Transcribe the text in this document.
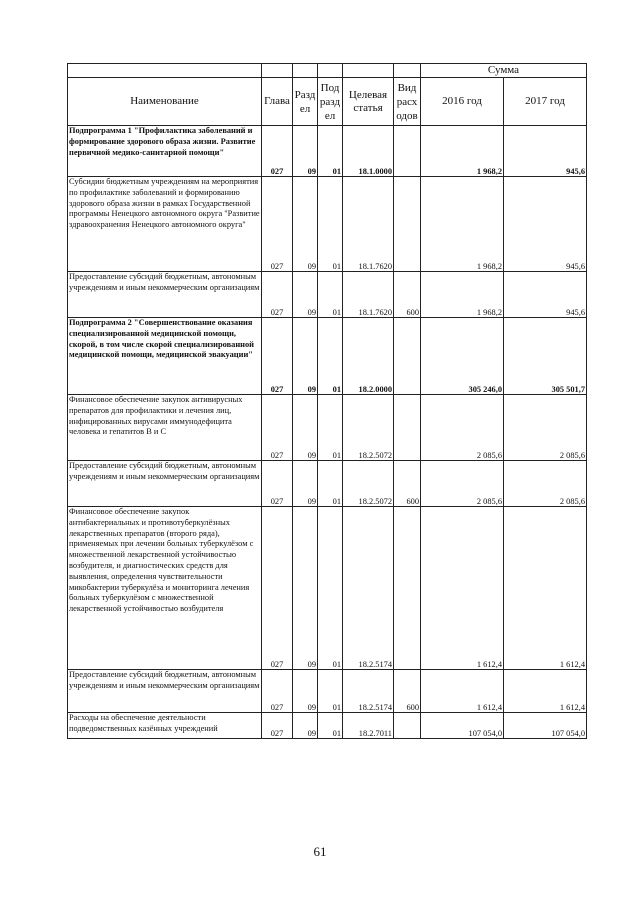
						Сумма	
Наименование	Глава	Раздел	Подраздел	Целевая статья	Вид расходов	2016 год	2017 год
Подпрограмма 1 "Профилактика заболеваний и формирование здорового образа жизни. Развитие первичной медико-санитарной помощи"	027	09	01	18.1.0000		1 968,2	945,6
Субсидии бюджетным учреждениям на мероприятия по профилактике заболеваний и формированию здорового образа жизни в рамках Государственной программы Ненецкого автономного округа "Развитие здравоохранения Ненецкого автономного округа"	027	09	01	18.1.7620		1 968,2	945,6
Предоставление субсидий бюджетным, автономным учреждениям и иным некоммерческим организациям	027	09	01	18.1.7620	600	1 968,2	945,6
Подпрограмма 2 "Совершенствование оказания специализированной медицинской помощи, скорой, в том числе скорой специализированной медицинской помощи, медицинской эвакуации"	027	09	01	18.2.0000		305 246,0	305 501,7
Финансовое обеспечение закупок антивирусных препаратов для профилактики и лечения лиц, инфицированных вирусами иммунодефицита человека и гепатитов B и C	027	09	01	18.2.5072		2 085,6	2 085,6
Предоставление субсидий бюджетным, автономным учреждениям и иным некоммерческим организациям	027	09	01	18.2.5072	600	2 085,6	2 085,6
Финансовое обеспечение закупок антибактериальных и противотуберкулёзных лекарственных препаратов (второго ряда), применяемых при лечении больных туберкулёзом с множественной лекарственной устойчивостью возбудителя, и диагностических средств для выявления, определения чувствительности микобактерии туберкулёза и мониторинга лечения больных туберкулёзом с множественной лекарственной устойчивостью возбудителя	027	09	01	18.2.5174		1 612,4	1 612,4
Предоставление субсидий бюджетным, автономным учреждениям и иным некоммерческим организациям	027	09	01	18.2.5174	600	1 612,4	1 612,4
Расходы на обеспечение деятельности подведомственных казённых учреждений	027	09	01	18.2.7011		107 054,0	107 054,0
61
